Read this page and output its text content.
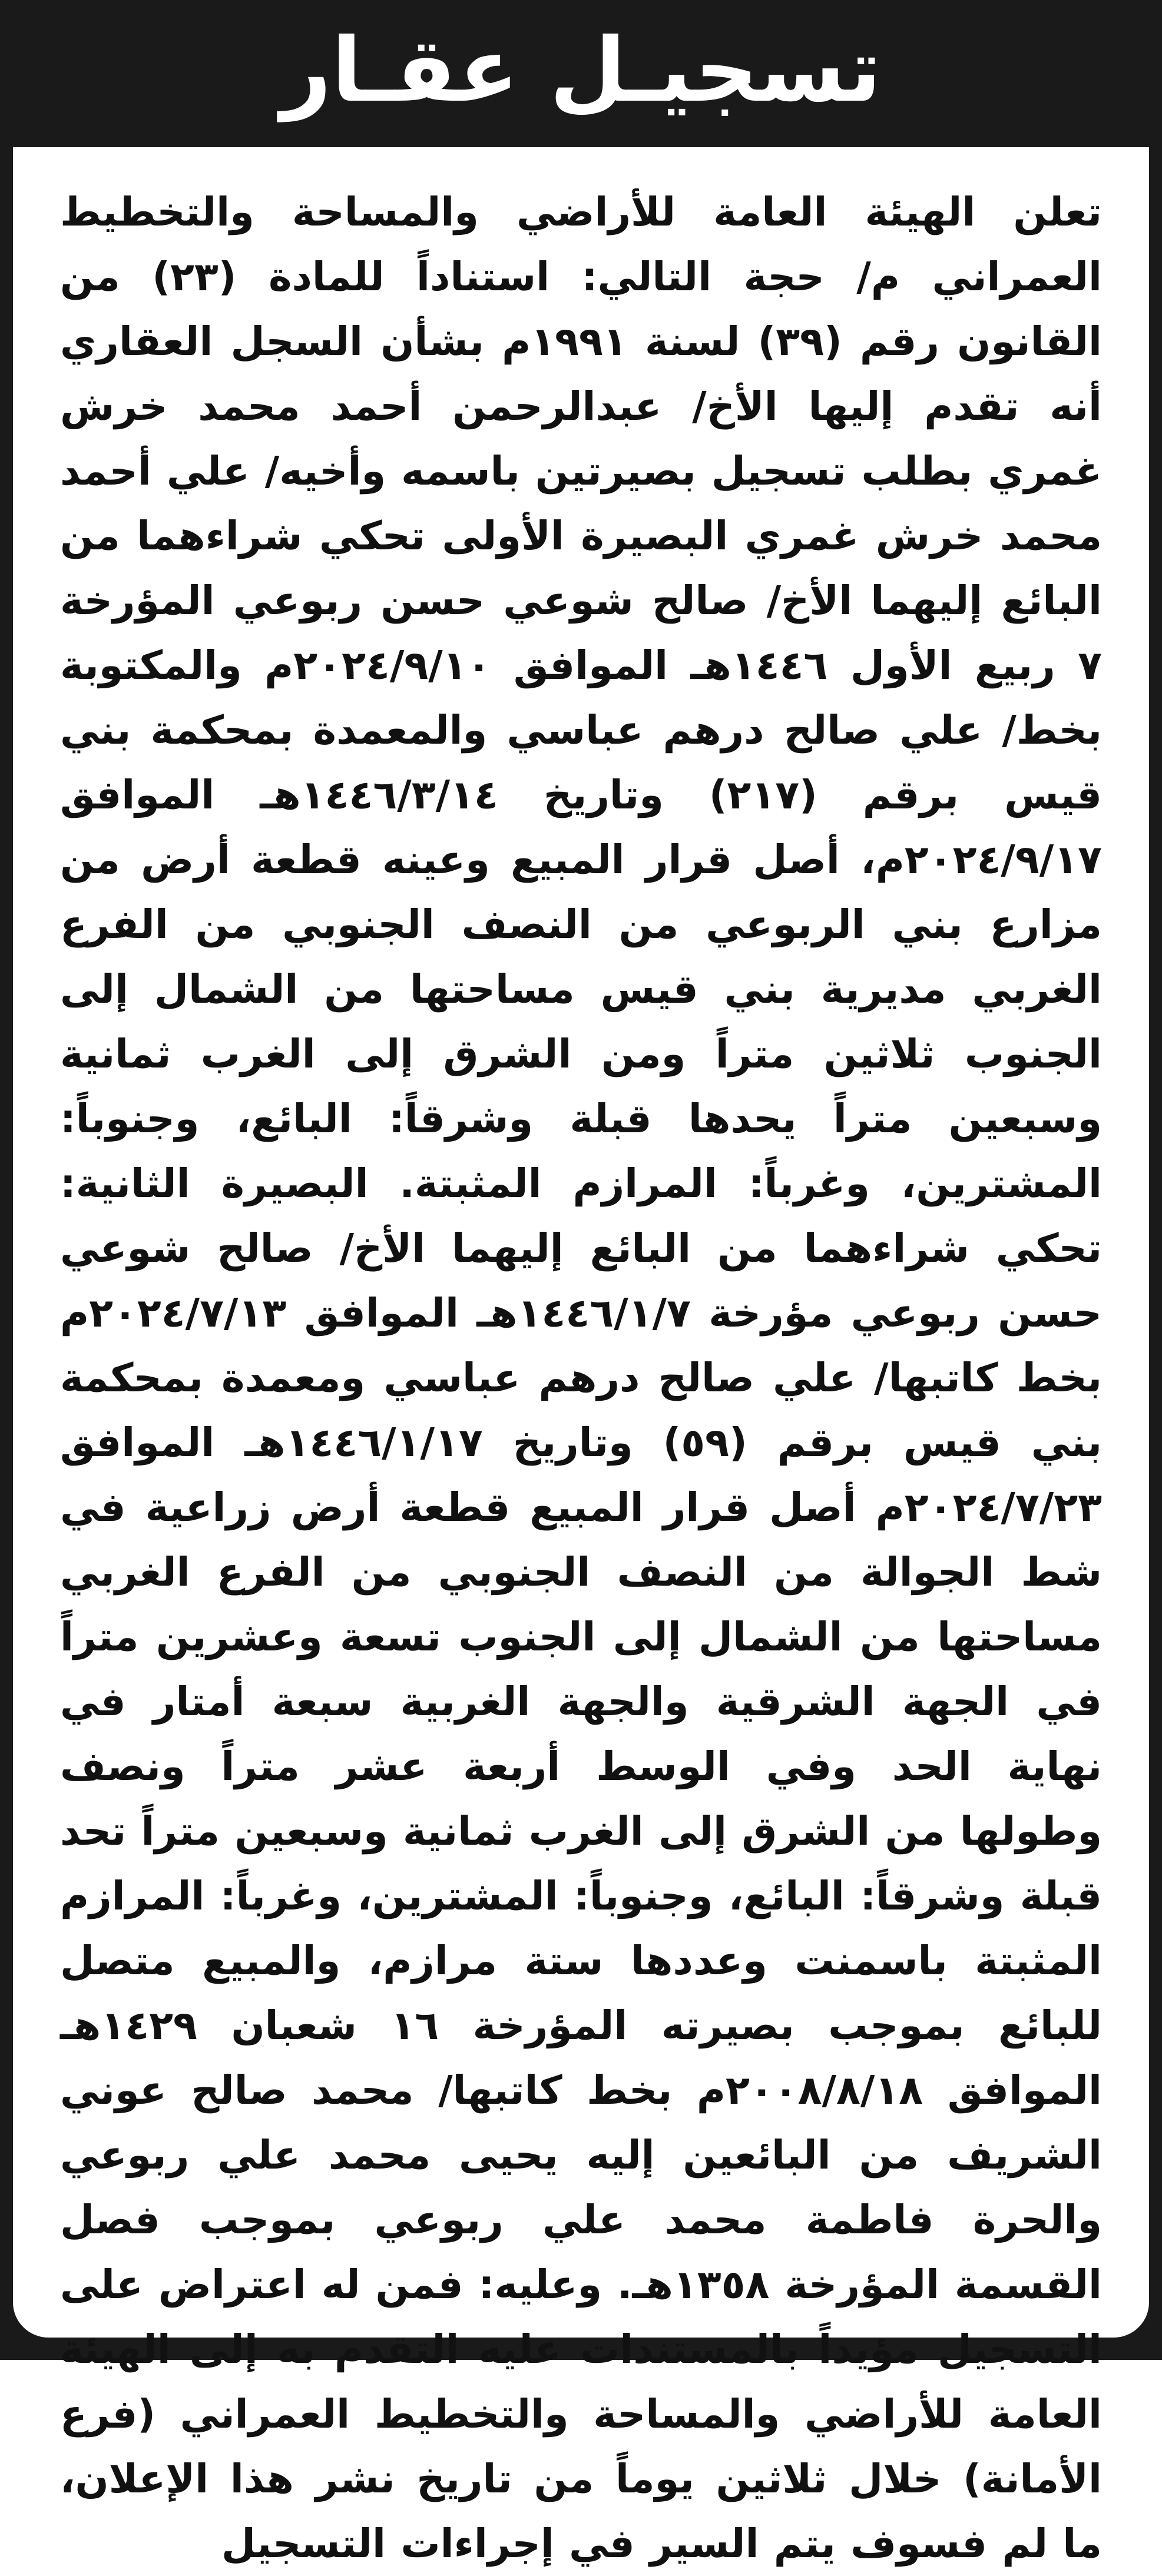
تسجيـل عقـار

تعلن الهيئة العامة للأراضي والمساحة والتخطيط العمراني م/ حجة التالي: استناداً للمادة (٢٣) من القانون رقم (٣٩) لسنة ١٩٩١م بشأن السجل العقاري أنه تقدم إليها الأخ/ عبدالرحمن أحمد محمد خرش غمري بطلب تسجيل بصيرتين باسمه وأخيه/ علي أحمد محمد خرش غمري البصيرة الأولى تحكي شراءهما من البائع إليهما الأخ/ صالح شوعي حسن ربوعي المؤرخة ٧ ربيع الأول ١٤٤٦هـ الموافق ٢٠٢٤/٩/١٠م والمكتوبة بخط/ علي صالح درهم عباسي والمعمدة بمحكمة بني قيس برقم (٢١٧) وتاريخ ١٤٤٦/٣/١٤هـ الموافق ٢٠٢٤/٩/١٧م، أصل قرار المبيع وعينه قطعة أرض من مزارع بني الربوعي من النصف الجنوبي من الفرع الغربي مديرية بني قيس مساحتها من الشمال إلى الجنوب ثلاثين متراً ومن الشرق إلى الغرب ثمانية وسبعين متراً يحدها قبلة وشرقاً: البائع، وجنوباً: المشترين، وغرباً: المرازم المثبتة. البصيرة الثانية: تحكي شراءهما من البائع إليهما الأخ/ صالح شوعي حسن ربوعي مؤرخة ١٤٤٦/١/٧هـ الموافق ٢٠٢٤/٧/١٣م بخط كاتبها/ علي صالح درهم عباسي ومعمدة بمحكمة بني قيس برقم (٥٩) وتاريخ ١٤٤٦/١/١٧هـ الموافق ٢٠٢٤/٧/٢٣م أصل قرار المبيع قطعة أرض زراعية في شط الجوالة من النصف الجنوبي من الفرع الغربي مساحتها من الشمال إلى الجنوب تسعة وعشرين متراً في الجهة الشرقية والجهة الغربية سبعة أمتار في نهاية الحد وفي الوسط أربعة عشر متراً ونصف وطولها من الشرق إلى الغرب ثمانية وسبعين متراً تحد قبلة وشرقاً: البائع، وجنوباً: المشترين، وغرباً: المرازم المثبتة باسمنت وعددها ستة مرازم، والمبيع متصل للبائع بموجب بصيرته المؤرخة ١٦ شعبان ١٤٢٩هـ الموافق ٢٠٠٨/٨/١٨م بخط كاتبها/ محمد صالح عوني الشريف من البائعين إليه يحيى محمد علي ربوعي والحرة فاطمة محمد علي ربوعي بموجب فصل القسمة المؤرخة ١٣٥٨هـ. وعليه: فمن له اعتراض على التسجيل مؤيداً بالمستندات عليه التقدم به إلى الهيئة العامة للأراضي والمساحة والتخطيط العمراني (فرع الأمانة) خلال ثلاثين يوماً من تاريخ نشر هذا الإعلان، ما لم فسوف يتم السير في إجراءات التسجيل
